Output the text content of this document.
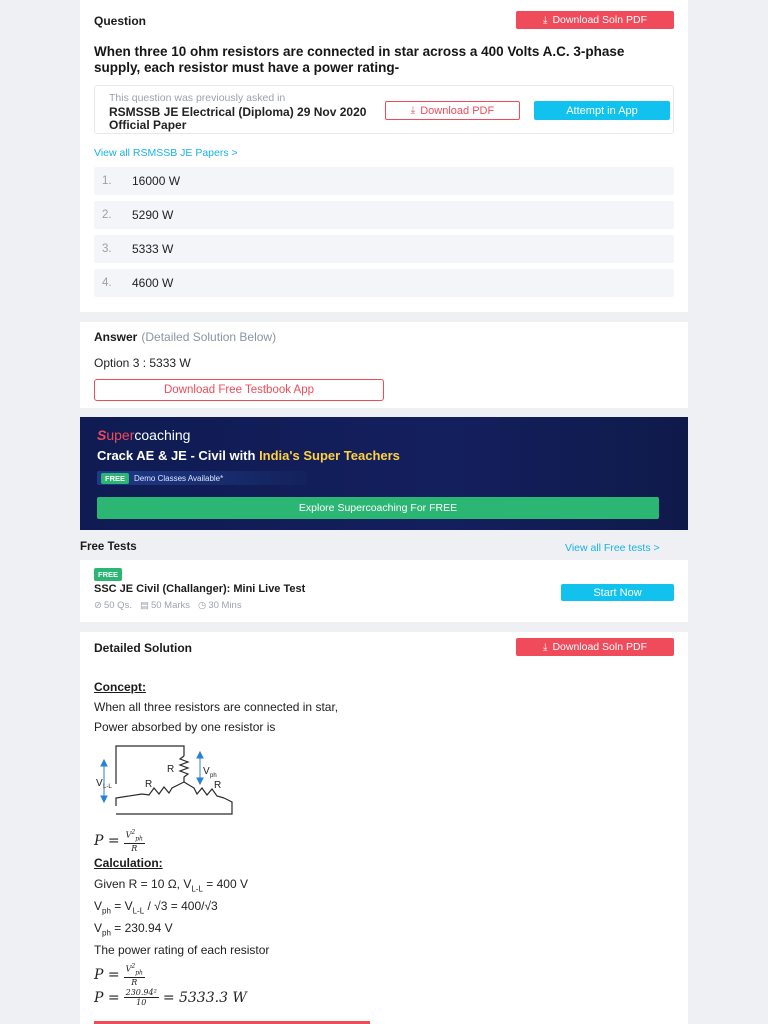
Question	⤓ Download Soln PDF
When three 10 ohm resistors are connected in star across a 400 Volts A.C. 3-phase supply, each resistor must have a power rating-
This question was previously asked in
RSMSSB JE Electrical (Diploma) 29 Nov 2020 Official Paper
⤓ Download PDF	Attempt in App
View all RSMSSB JE Papers >
1.	16000 W
2.	5290 W
3.	5333 W
4.	4600 W
Answer (Detailed Solution Below)
Option 3 : 5333 W
Download Free Testbook App
Supercoaching
Crack AE & JE - Civil with India's Super Teachers
FREE	Demo Classes Available*
Explore Supercoaching For FREE
Free Tests	View all Free tests >
FREE
SSC JE Civil (Challanger): Mini Live Test
⊘ 50 Qs. ▤ 50 Marks ◷ 30 Mins
Start Now
Detailed Solution	⤓ Download Soln PDF
Concept:
When all three resistors are connected in star,
Power absorbed by one resistor is
R	V ph
V L-L	R	R
$P = \frac{V^2_{ph}}{R}$
Calculation:
Given R = 10 Ω, $V_{L-L} = 400$ V
$V_{ph} = V_{L-L} / √3 = 400/√3$
$V_{ph} = 230.94$ V
The power rating of each resistor
$P = \frac{V^2_{ph}}{R}$
$P = \frac{\text{230.94²}}{10} = 5333.3$ W
